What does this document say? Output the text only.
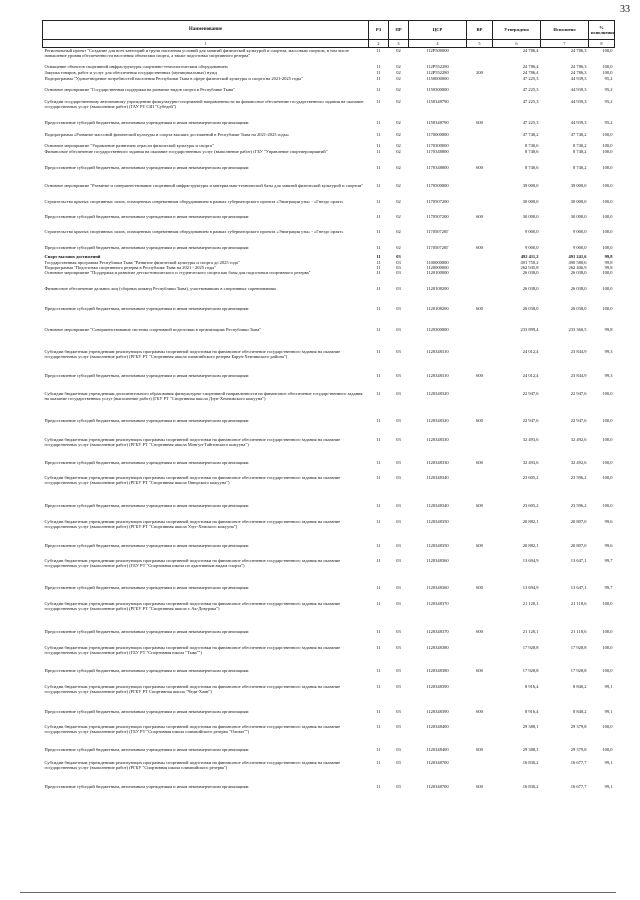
33
Наименование	РЗ	ПР	ЦСР	ВР	Утверждено	Исполнено	% исполнения
1	2	3	4	5	6	7	8
Региональный проект "Создание для всех категорий и групп населения условий для занятий физической культурой и спортом, массовым спортом, в том числе повышение уровня обеспеченности населения объектами спорта, а также подготовка спортивного резерва"	11	02	112Р500000		24 786,4	24 786,3	100,0
Оснащение объектов спортивной инфраструктуры спортивно-технологическим оборудованием	11	02	112Р552280		24 786,4	24 786,3	100,0
Закупка товаров, работ и услуг для обеспечения государственных (муниципальных) нужд	11	02	112Р552280	200	24 786,4	24 786,3	100,0
Подпрограмма "Удовлетворение потребностей населения Республики Тыва в сфере физической культуры и спорта на 2021-2025 годы"	11	02	1150000000		47 225,3	44 939,3	95,2
Основное мероприятие "Государственная поддержка на развитие видов спорта в Республике Тыва"	11	02	1150300000		47 225,3	44 939,3	95,2
Субсидии государственному автономному учреждению физкультурно-спортивной направленности на финансовое обеспечение государственного задания на оказание государственных услуг (выполнение работ) (ГАУ РТ СШ "Субедей")	11	02	1150348790		47 225,3	44 939,3	95,2
Предоставление субсидий бюджетным, автономным учреждениям и иным некоммерческим организациям	11	02	1150348790	600	47 225,3	44 939,3	95,2
Подпрограмма «Развитие массовой физической культуры и спорта высших достижений в Республике Тыва на 2021-2025 годы»	11	02	1170000000		47 740,2	47 740,2	100,0
Основное мероприятие "Управление развитием отрасли физической культуры и спорта"	11	02	1170300000		8 740,6	8 740,2	100,0
Финансовое обеспечение государственного задания на оказание государственных услуг (выполнение работ) (ГБУ "Управление спортмероприятий"	11	02	1170348800		8 740,6	8 740,2	100,0
Предоставление субсидий бюджетным, автономным учреждениям и иным некоммерческим организациям	11	02	1170348800	600	8 740,6	8 740,2	100,0
Основное мероприятие "Развитие и совершенствование спортивной инфраструктуры и материально-технической базы для занятий физической культурой и спортом"	11	02	1170500000		39 000,0	39 000,0	100,0
Строительство крытых спортивных залов, оснащенных современным оборудованием в рамках губернаторского проекта «Эмиграция узы» - «Гнездо орлят»	11	02	1170507200		30 000,0	30 000,0	100,0
Предоставление субсидий бюджетным, автономным учреждениям и иным некоммерческим организациям	11	02	1170507200	600	30 000,0	30 000,0	100,0
Строительство крытых спортивных залов, оснащенных современным оборудованием в рамках губернаторского проекта «Эмиграция узы» - «Гнездо орлят»	11	02	117050720Г		9 000,0	9 000,0	100,0
Предоставление субсидий бюджетным, автономным учреждениям и иным некоммерческим организациям	11	02	117050720Г	600	9 000,0	9 000,0	100,0
Спорт высших достижений	11	03			492 411,2	491 241,6	99,8
Государственная программа Республики Тыва "Развитие физической культуры и спорта до 2025 года"	11	03	1100000000		491 750,2	490 580,6	99,8
Подпрограмма "Подготовка спортивного резерва в Республике Тыва на 2021 - 2025 годы"	11	03	1120000000		262 945,8	262 406,9	99,8
Основное мероприятие "Поддержка и развитие детско-юношеского и студенческого спорта как базы для подготовки спортивного резерва"	11	03	1120100000		26 038,0	26 038,0	100,0
Финансовое обеспечение дальних лиц (сборных команд Республики Тыва), участвовавших в спортивных соревнованиях	11	03	1120108200		26 038,0	26 038,0	100,0
Предоставление субсидий бюджетным, автономным учреждениям и иным некоммерческим организациям	11	03	1120108200	600	26 038,0	26 038,0	100,0
Основное мероприятие "Совершенствование системы спортивной подготовки в организациях Республики Тыва"	11	03	1120300000		233 899,4	233 360,5	99,8
Субсидии бюджетным учреждениям реализующих программы спортивной подготовки на финансовое обеспечение государственного задания на оказание государственных услуг (выполнение работ) (РГБУ РТ "Спортивная школа олимпийского резерва Барун-Хемчикского района")	11	03	1120348310		24 012,4	23 844,9	99,3
Предоставление субсидий бюджетным, автономным учреждениям и иным некоммерческим организациям	11	03	1120348310	600	24 012,4	23 844,9	99,3
Субсидии бюджетным учреждениям дополнительного образования физкультурно-спортивной направленности на финансовое обеспечение государственного задания на оказание государственных услуг (выполнение работ) (ГБУ РТ "Спортивная школа Дзун-Хемчикского кожууна")	11	03	1120348320		22 947,6	22 947,6	100,0
Предоставление субсидий бюджетным, автономным учреждениям и иным некоммерческим организациям	11	03	1120348320	600	22 947,6	22 947,6	100,0
Субсидии бюджетным учреждениям реализующих программы спортивной подготовки на финансовое обеспечение государственного задания на оказание государственных услуг (выполнение работ) (РГБУ РТ "Спортивная школа Монгун-Тайгинского кожууна")	11	03	1120348330		32 493,6	32 492,6	100,0
Предоставление субсидий бюджетным, автономным учреждениям и иным некоммерческим организациям	11	03	1120348330	600	32 493,6	32 492,6	100,0
Субсидии бюджетным учреждениям реализующих программы спортивной подготовки на финансовое обеспечение государственного задания на оказание государственных услуг (выполнение работ) (РГБУ РТ "Спортивная школа Овюрского кожууна")	11	03	1120348340		23 605,2	23 596,2	100,0
Предоставление субсидий бюджетным, автономным учреждениям и иным некоммерческим организациям	11	03	1120348340	600	23 605,2	23 596,2	100,0
Субсидии бюджетным учреждениям реализующих программы спортивной подготовки на финансовое обеспечение государственного задания на оказание государственных услуг (выполнение работ) (РГБУ РТ "Спортивная школа Улуг-Хемского кожууна")	11	03	1120348350		20 882,1	20 807,0	99,6
Предоставление субсидий бюджетным, автономным учреждениям и иным некоммерческим организациям	11	03	1120348350	600	20 882,1	20 807,0	99,6
Субсидии бюджетным учреждениям реализующих программы спортивной подготовки на финансовое обеспечение государственного задания на оказание государственных услуг (выполнение работ) (ГБУ РТ "Спортивная школа по адаптивным видам спорта")	11	03	1120348360		13 694,9	13 647,1	99,7
Предоставление субсидий бюджетным, автономным учреждениям и иным некоммерческим организациям	11	03	1120348360	600	13 694,9	13 647,1	99,7
Субсидии бюджетным учреждениям реализующих программы спортивной подготовки на финансовое обеспечение государственного задания на оказание государственных услуг (выполнение работ) (РГБУ РТ "Спортивная школа г. Ак-Довурака")	11	03	1120348370		21 120,1	21 118,6	100,0
Предоставление субсидий бюджетным, автономным учреждениям и иным некоммерческим организациям	11	03	1120348370	600	21 120,1	21 118,6	100,0
Субсидии бюджетным учреждениям реализующих программы спортивной подготовки на финансовое обеспечение государственного задания на оказание государственных услуг (выполнение работ) (ГБУ РТ "Спортивная школа "Тыва"")	11	03	1120348380		17 928,8	17 928,8	100,0
Предоставление субсидий бюджетным, автономным учреждениям и иным некоммерческим организациям	11	03	1120348380	600	17 928,8	17 928,8	100,0
Субсидии бюджетным учреждениям реализующих программы спортивной подготовки на финансовое обеспечение государственного задания на оказание государственных услуг (выполнение работ) (РГБУ РТ Спортивная школа "Чеди-Хаан")	11	03	1120348390		8 916,4	8 840,2	99,1
Предоставление субсидий бюджетным, автономным учреждениям и иным некоммерческим организациям	11	03	1120348390	600	8 916,4	8 840,2	99,1
Субсидии бюджетным учреждениям реализующих программы спортивной подготовки на финансовое обеспечение государственного задания на оказание государственных услуг (выполнение работ) (ГБУ РТ "Спортивная школа олимпийского резерва "Олимп"")	11	03	1120348400		29 388,1	29 379,8	100,0
Предоставление субсидий бюджетным, автономным учреждениям и иным некоммерческим организациям	11	03	1120348400	600	29 388,1	29 379,8	100,0
Субсидии бюджетным учреждениям реализующих программы спортивной подготовки на финансовое обеспечение государственного задания на оказание государственных услуг (выполнение работ) (РГБУ "Спортивная школа олимпийского резерва")	11	03	1120348700		16 830,2	16 677,7	99,1
Предоставление субсидий бюджетным, автономным учреждениям и иным некоммерческим организациям	11	03	1120348700	600	16 830,2	16 677,7	99,1
